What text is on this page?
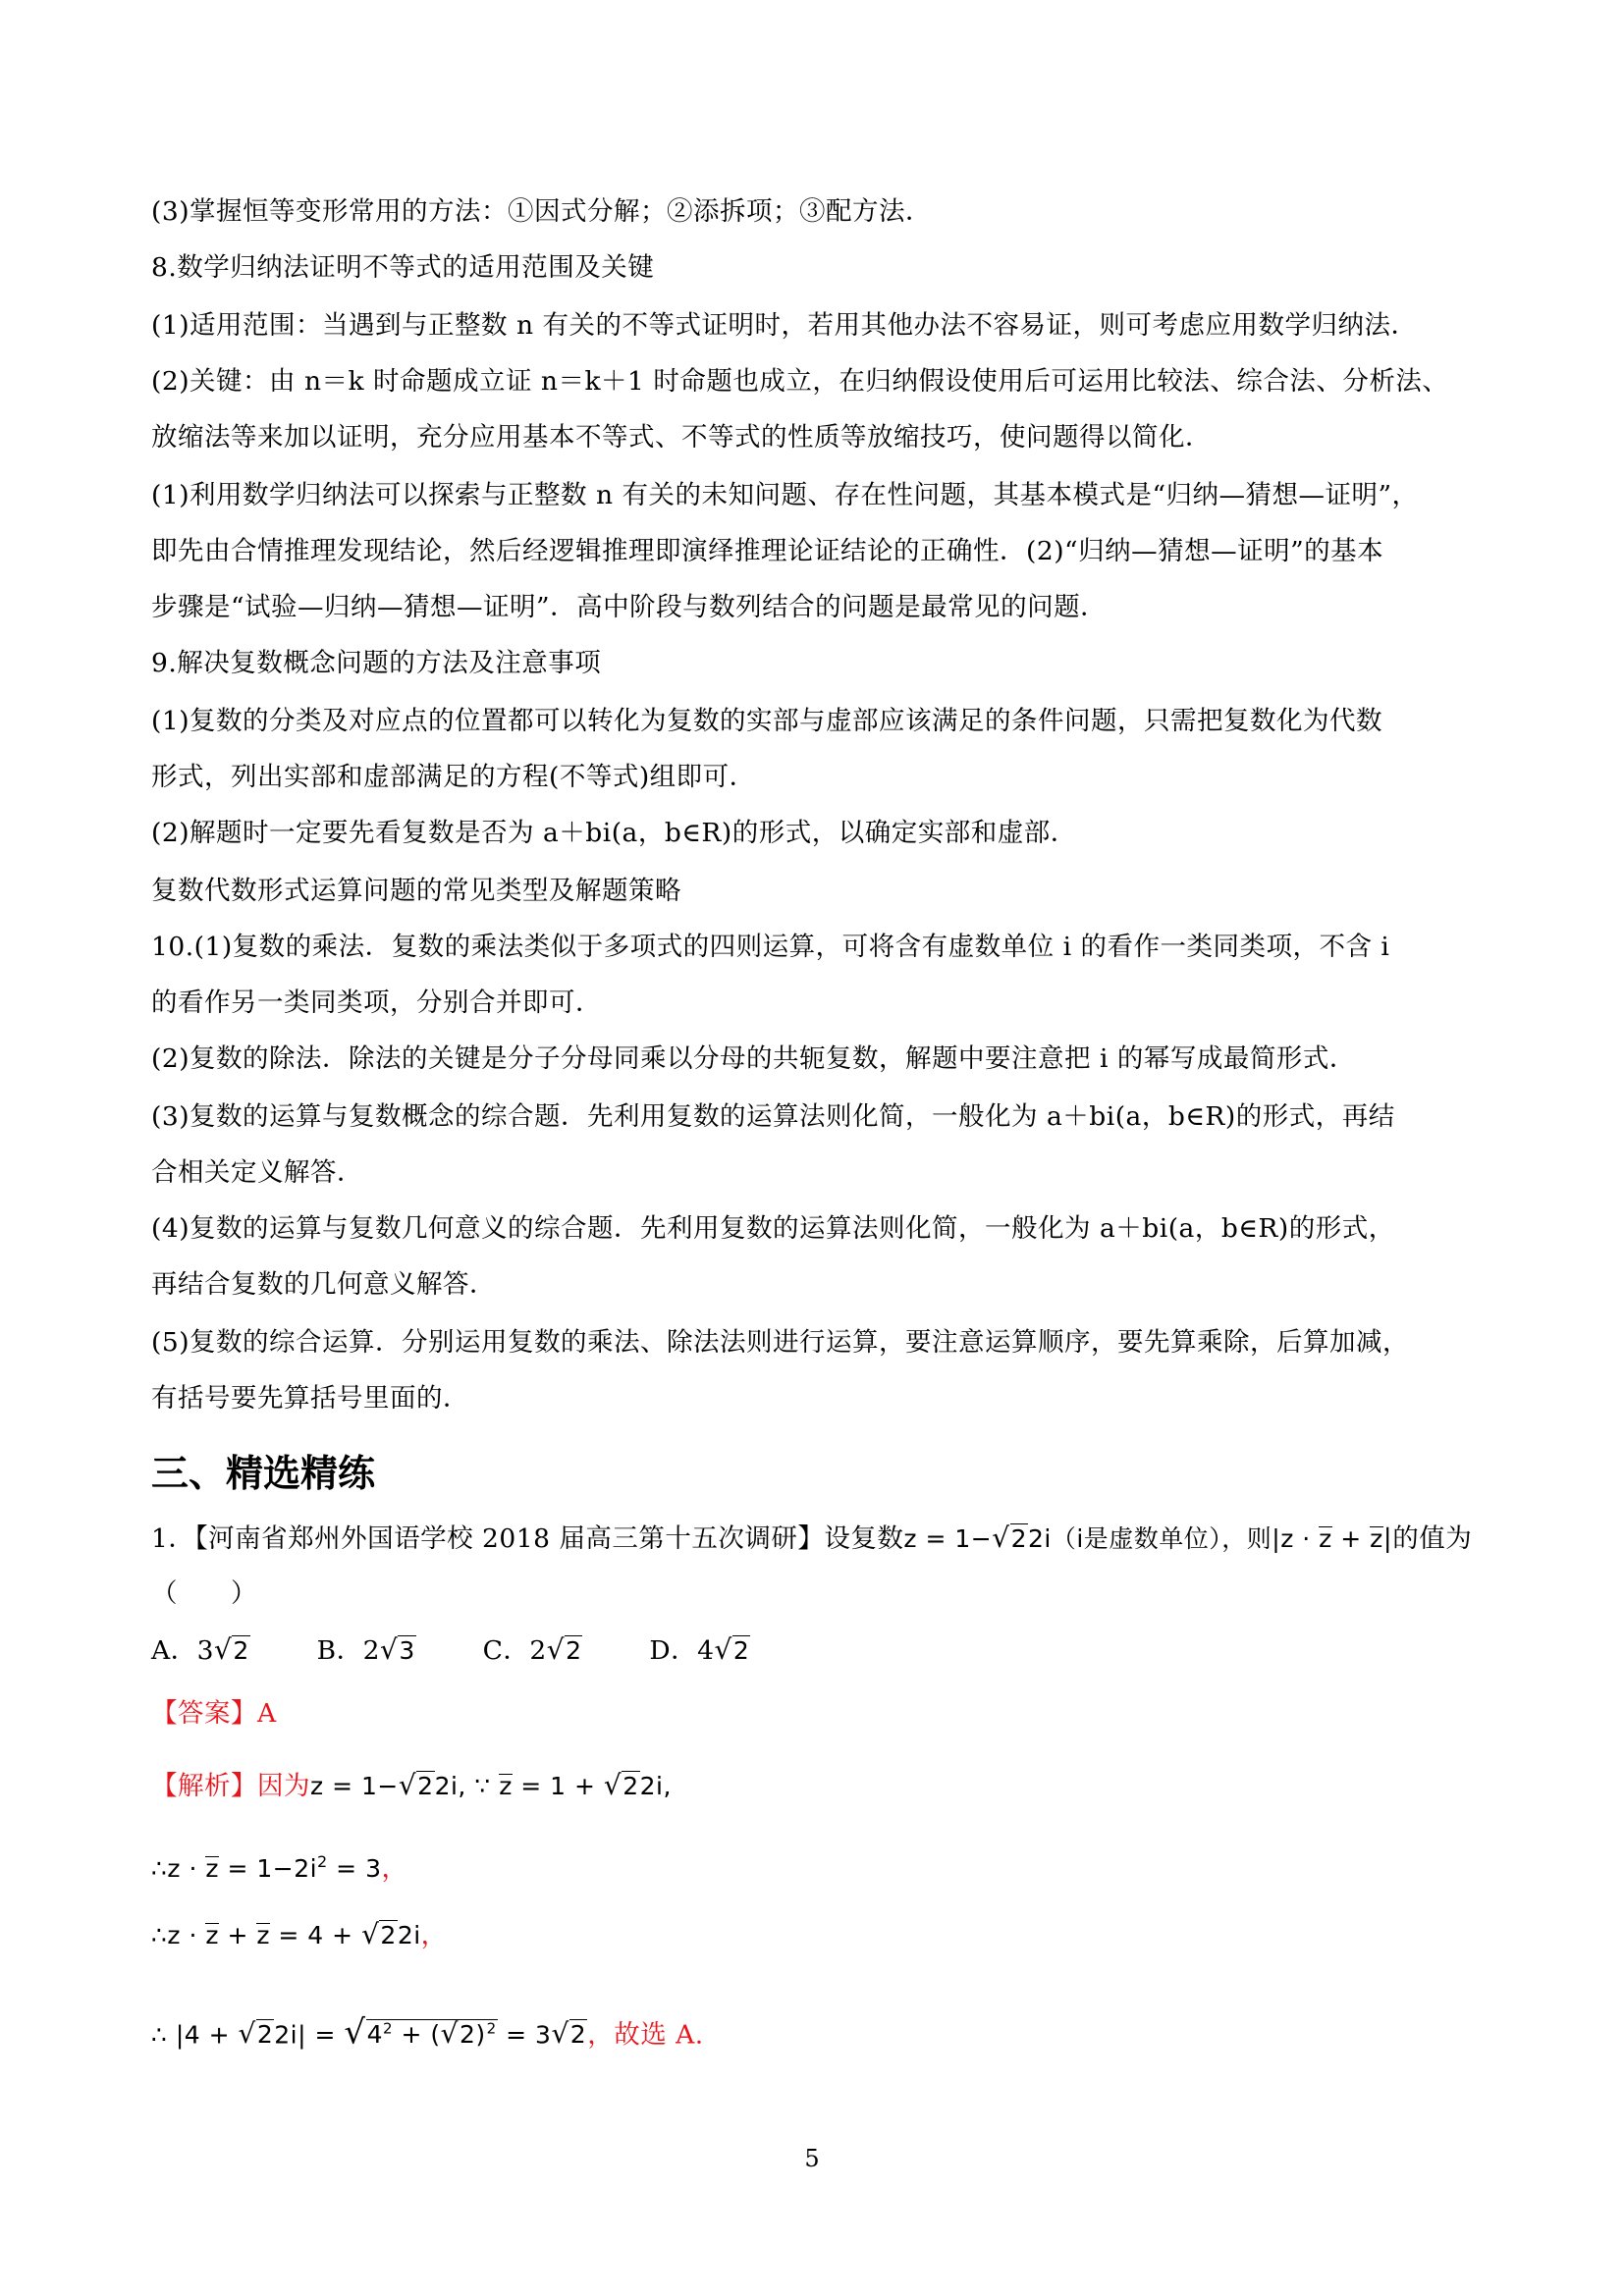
(3)掌握恒等变形常用的方法：①因式分解；②添拆项；③配方法．
8.数学归纳法证明不等式的适用范围及关键
(1)适用范围：当遇到与正整数 n 有关的不等式证明时，若用其他办法不容易证，则可考虑应用数学归纳法．
(2)关键：由 n＝k 时命题成立证 n＝k＋1 时命题也成立，在归纳假设使用后可运用比较法、综合法、分析法、
放缩法等来加以证明，充分应用基本不等式、不等式的性质等放缩技巧，使问题得以简化．
(1)利用数学归纳法可以探索与正整数 n 有关的未知问题、存在性问题，其基本模式是“归纳—猜想—证明”，
即先由合情推理发现结论，然后经逻辑推理即演绎推理论证结论的正确性．(2)“归纳—猜想—证明”的基本
步骤是“试验—归纳—猜想—证明”．高中阶段与数列结合的问题是最常见的问题．
9.解决复数概念问题的方法及注意事项
(1)复数的分类及对应点的位置都可以转化为复数的实部与虚部应该满足的条件问题，只需把复数化为代数
形式，列出实部和虚部满足的方程(不等式)组即可．
(2)解题时一定要先看复数是否为 a＋bi(a，b∈R)的形式，以确定实部和虚部．
复数代数形式运算问题的常见类型及解题策略
10.(1)复数的乘法．复数的乘法类似于多项式的四则运算，可将含有虚数单位 i 的看作一类同类项，不含 i
的看作另一类同类项，分别合并即可．
(2)复数的除法．除法的关键是分子分母同乘以分母的共轭复数，解题中要注意把 i 的幂写成最简形式．
(3)复数的运算与复数概念的综合题．先利用复数的运算法则化简，一般化为 a＋bi(a，b∈R)的形式，再结
合相关定义解答．
(4)复数的运算与复数几何意义的综合题．先利用复数的运算法则化简，一般化为 a＋bi(a，b∈R)的形式，
再结合复数的几何意义解答．
(5)复数的综合运算．分别运用复数的乘法、除法法则进行运算，要注意运算顺序，要先算乘除，后算加减，
有括号要先算括号里面的．
三、精选精练
1．【河南省郑州外国语学校 2018 届高三第十五次调研】设复数z = 1−√22i（i是虚数单位），则|z · z + z|的值为
（　　）
A．3√2	B．2√3	C．2√2	D．4√2
【答案】A
【解析】因为z = 1−√22i, ∵ z = 1 + √22i,
∴z · $z = 1-2i^2 = 3$，
∴z · z + z = 4 + √22i，
∴ $|4 + √22i| = √4^2 + (√2)^2 = 3√2$，故选 A.
5
